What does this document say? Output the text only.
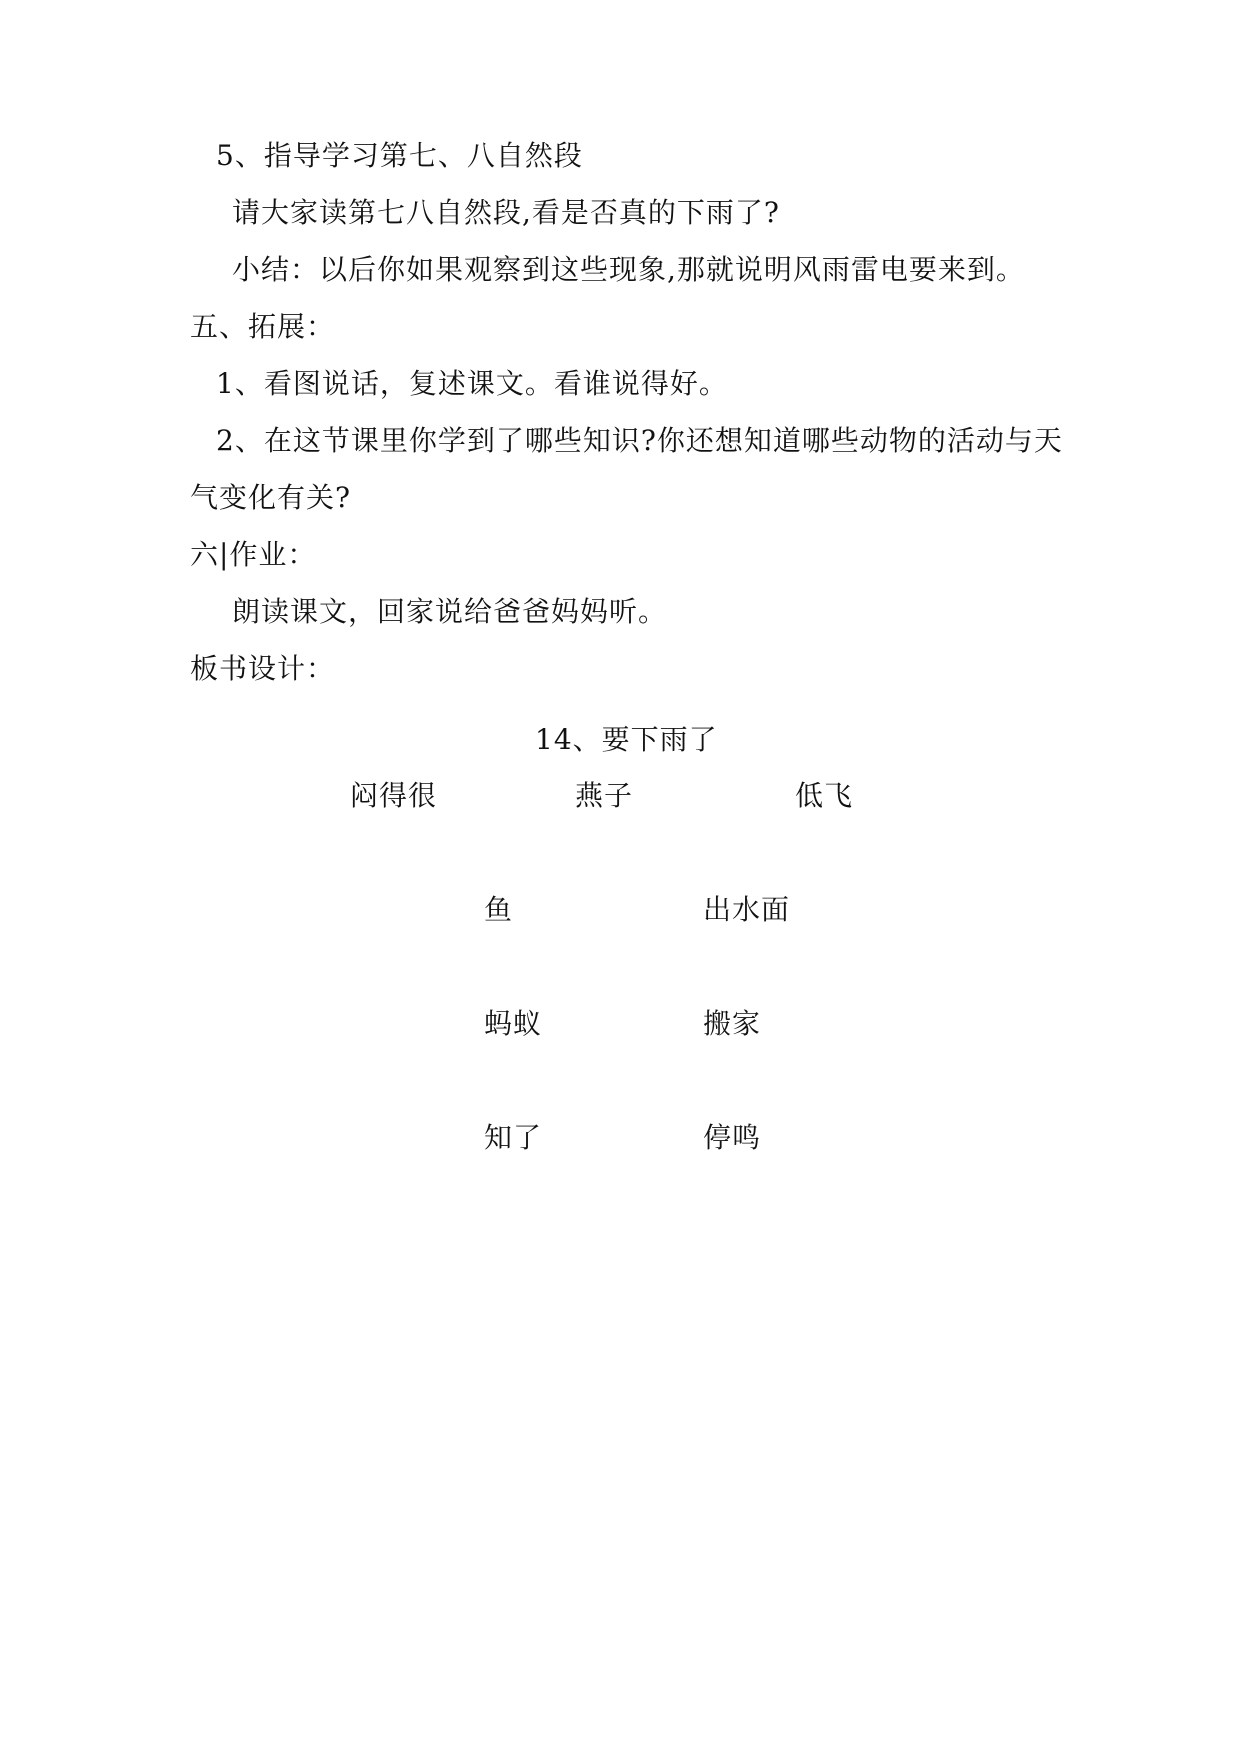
5、指导学习第七、八自然段
请大家读第七八自然段,看是否真的下雨了?
小结：以后你如果观察到这些现象,那就说明风雨雷电要来到。
五、拓展：
1、看图说话，复述课文。看谁说得好。
2、在这节课里你学到了哪些知识?你还想知道哪些动物的活动与天
气变化有关?
六|作业：
朗读课文，回家说给爸爸妈妈听。
板书设计：
14、要下雨了
闷得很	燕子	低飞
鱼	出水面
蚂蚁	搬家
知了	停鸣
